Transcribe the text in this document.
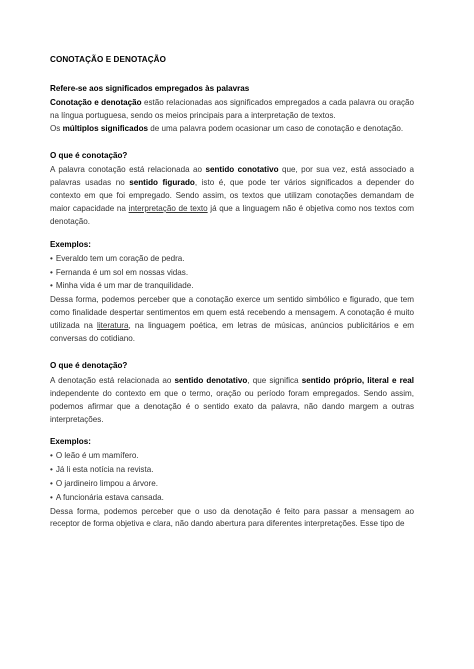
CONOTAÇÃO E DENOTAÇÃO
Refere-se aos significados empregados às palavras

Conotação e denotação estão relacionadas aos significados empregados a cada palavra ou oração na língua portuguesa, sendo os meios principais para a interpretação de textos.

Os múltiplos significados de uma palavra podem ocasionar um caso de conotação e denotação.

O que é conotação?

A palavra conotação está relacionada ao sentido conotativo que, por sua vez, está associado a palavras usadas no sentido figurado, isto é, que pode ter vários significados a depender do contexto em que foi empregado. Sendo assim, os textos que utilizam conotações demandam de maior capacidade na interpretação de texto já que a linguagem não é objetiva como nos textos com denotação.

Exemplos:
• Everaldo tem um coração de pedra.
• Fernanda é um sol em nossas vidas.
• Minha vida é um mar de tranquilidade.

Dessa forma, podemos perceber que a conotação exerce um sentido simbólico e figurado, que tem como finalidade despertar sentimentos em quem está recebendo a mensagem. A conotação é muito utilizada na literatura, na linguagem poética, em letras de músicas, anúncios publicitários e em conversas do cotidiano.

O que é denotação?

A denotação está relacionada ao sentido denotativo, que significa sentido próprio, literal e real independente do contexto em que o termo, oração ou período foram empregados. Sendo assim, podemos afirmar que a denotação é o sentido exato da palavra, não dando margem a outras interpretações.

Exemplos:
• O leão é um mamífero.
• Já li esta notícia na revista.
• O jardineiro limpou a árvore.
• A funcionária estava cansada.

Dessa forma, podemos perceber que o uso da denotação é feito para passar a mensagem ao receptor de forma objetiva e clara, não dando abertura para diferentes interpretações. Esse tipo de
